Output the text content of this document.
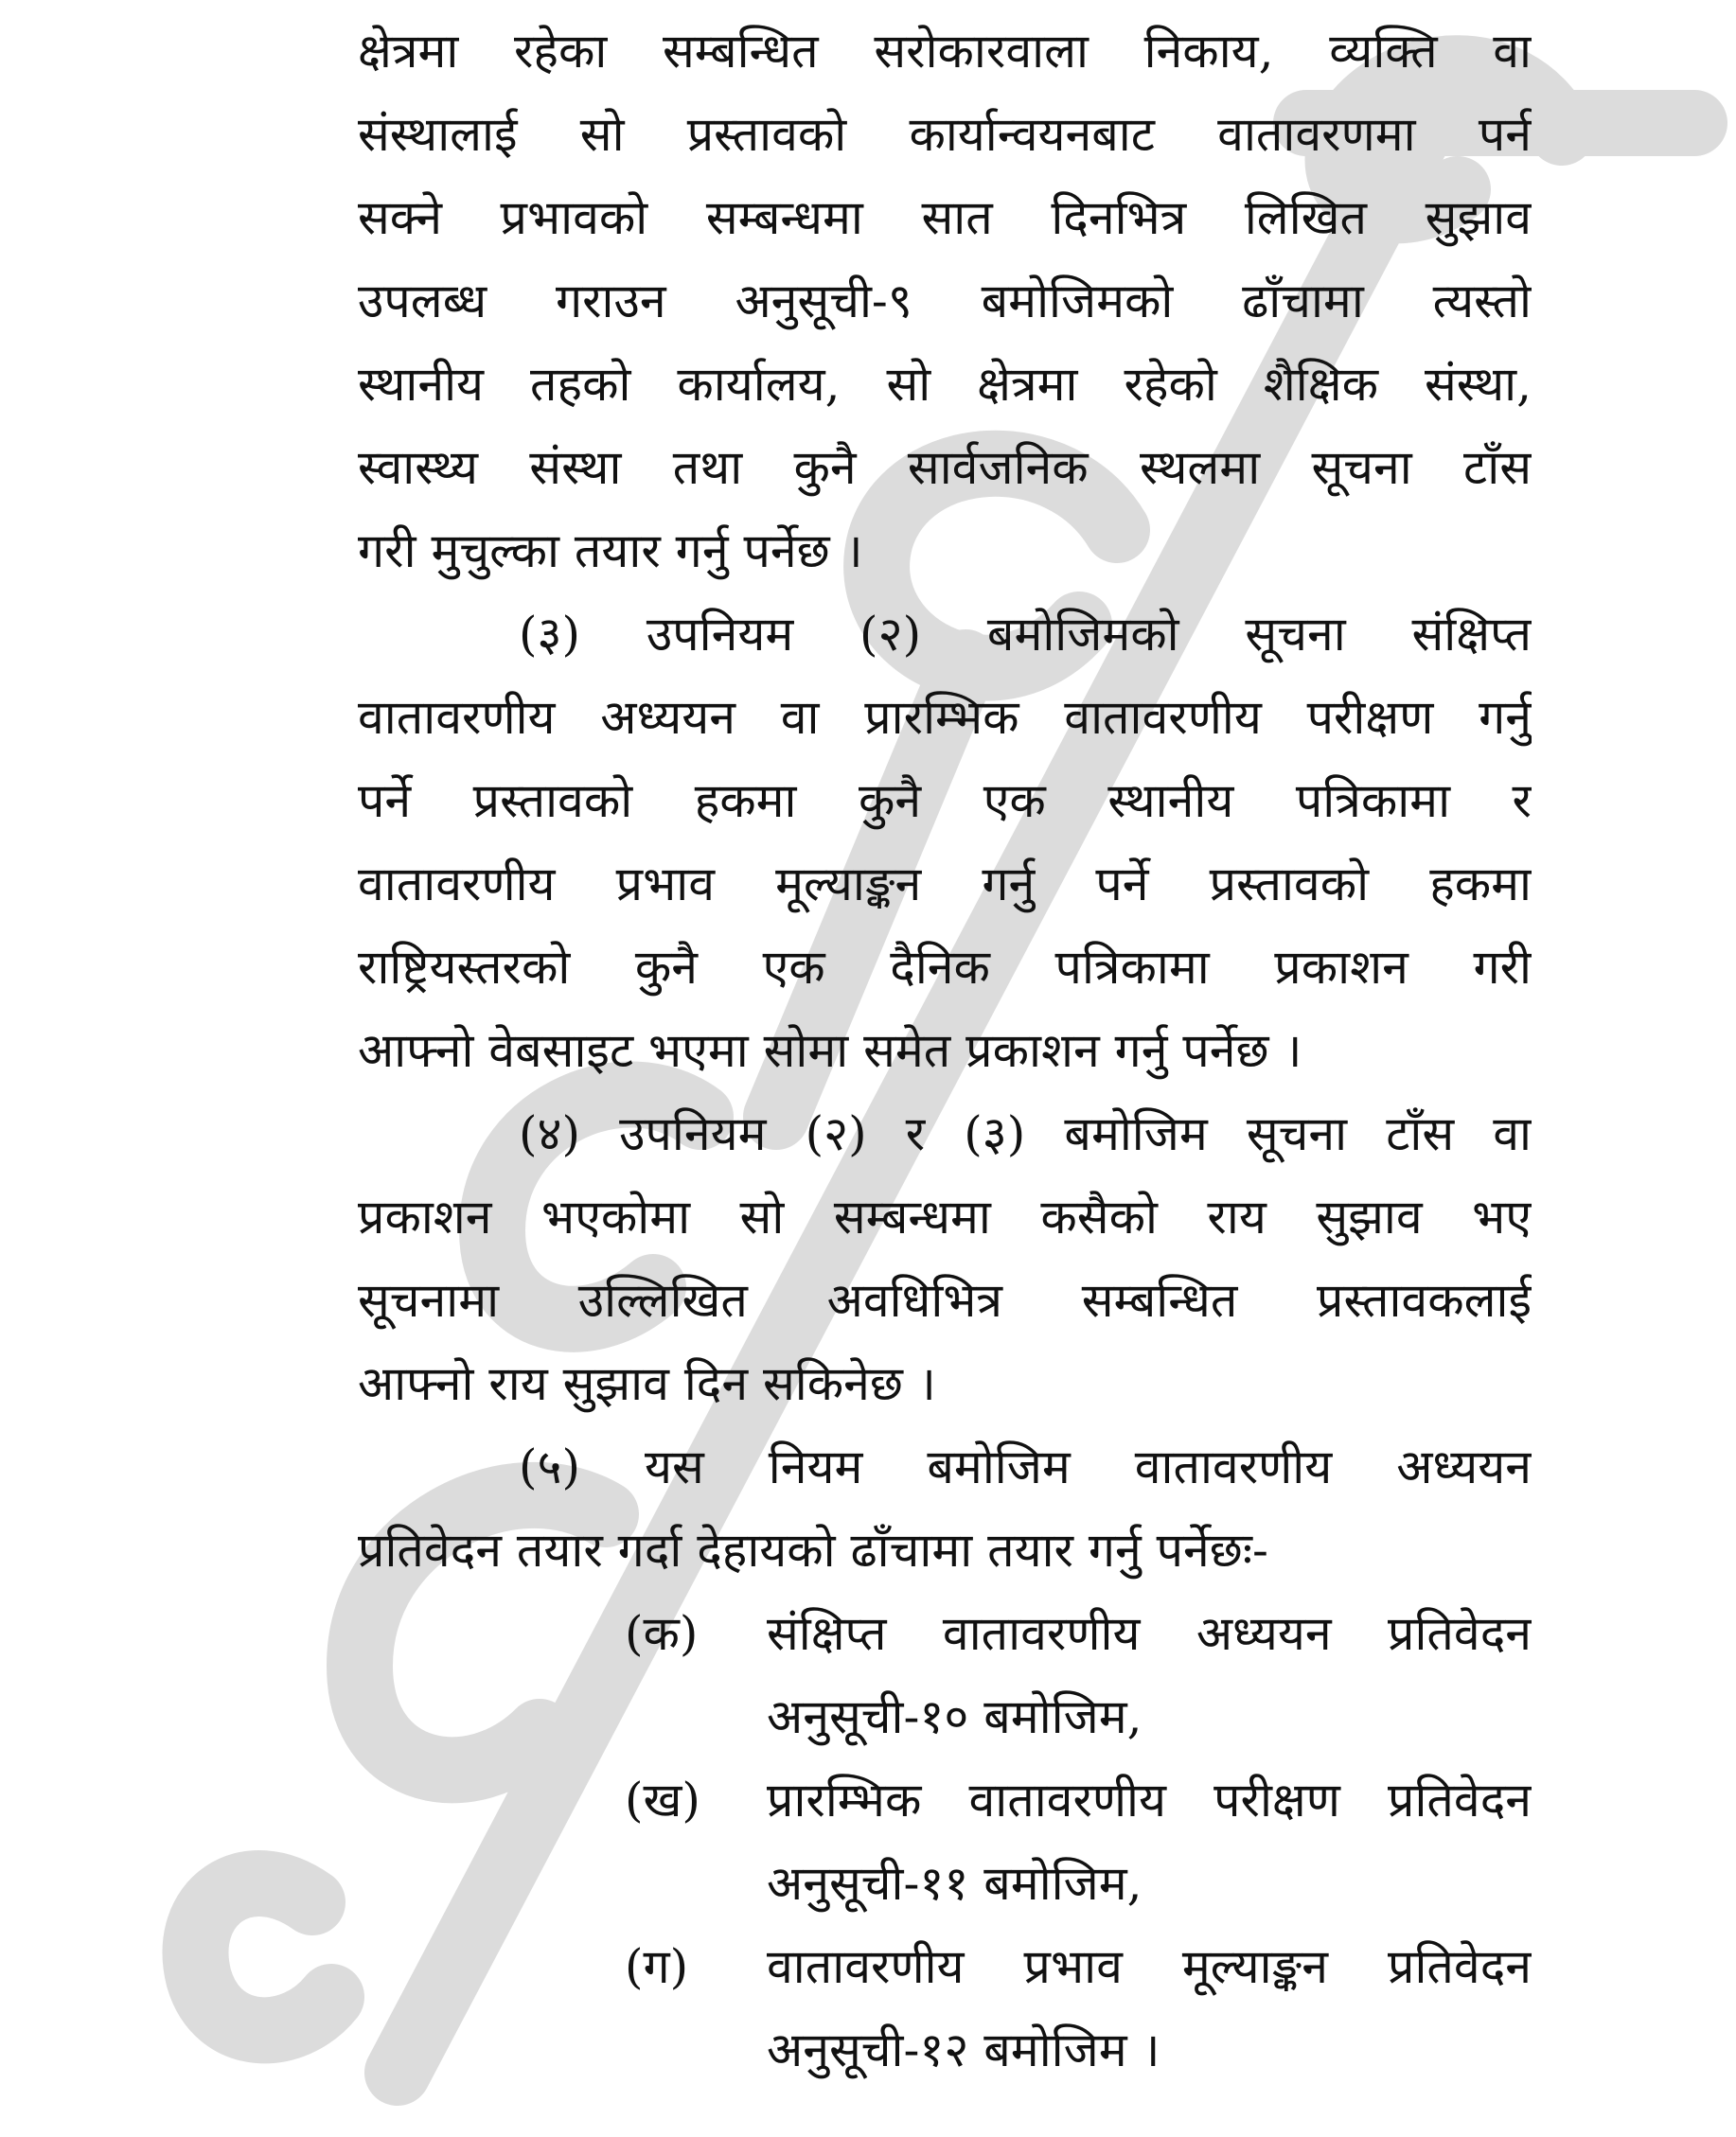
क्षेत्रमा रहेका सम्बन्धित सरोकारवाला निकाय, व्यक्ति वा
संस्थालाई सो प्रस्तावको कार्यान्वयनबाट वातावरणमा पर्न
सक्ने प्रभावको सम्बन्धमा सात दिनभित्र लिखित सुझाव
उपलब्ध गराउन अनुसूची-९ बमोजिमको ढाँचामा त्यस्तो
स्थानीय तहको कार्यालय, सो क्षेत्रमा रहेको शैक्षिक संस्था,
स्वास्थ्य संस्था तथा कुनै सार्वजनिक स्थलमा सूचना टाँस
गरी मुचुल्का तयार गर्नु पर्नेछ ।
(३) उपनियम (२) बमोजिमको सूचना संक्षिप्त
वातावरणीय अध्ययन वा प्रारम्भिक वातावरणीय परीक्षण गर्नु
पर्ने प्रस्तावको हकमा कुनै एक स्थानीय पत्रिकामा र
वातावरणीय प्रभाव मूल्याङ्कन गर्नु पर्ने प्रस्तावको हकमा
राष्ट्रियस्तरको कुनै एक दैनिक पत्रिकामा प्रकाशन गरी
आफ्नो वेबसाइट भएमा सोमा समेत प्रकाशन गर्नु पर्नेछ ।
(४) उपनियम (२) र (३) बमोजिम सूचना टाँस वा
प्रकाशन भएकोमा सो सम्बन्धमा कसैको राय सुझाव भए
सूचनामा उल्लिखित अवधिभित्र सम्बन्धित प्रस्तावकलाई
आफ्नो राय सुझाव दिन सकिनेछ ।
(५) यस नियम बमोजिम वातावरणीय अध्ययन
प्रतिवेदन तयार गर्दा देहायको ढाँचामा तयार गर्नु पर्नेछः-
(क)	संक्षिप्त वातावरणीय अध्ययन प्रतिवेदन
अनुसूची-१० बमोजिम,
(ख)	प्रारम्भिक वातावरणीय परीक्षण प्रतिवेदन
अनुसूची-११ बमोजिम,
(ग)	वातावरणीय प्रभाव मूल्याङ्कन प्रतिवेदन
अनुसूची-१२ बमोजिम ।
